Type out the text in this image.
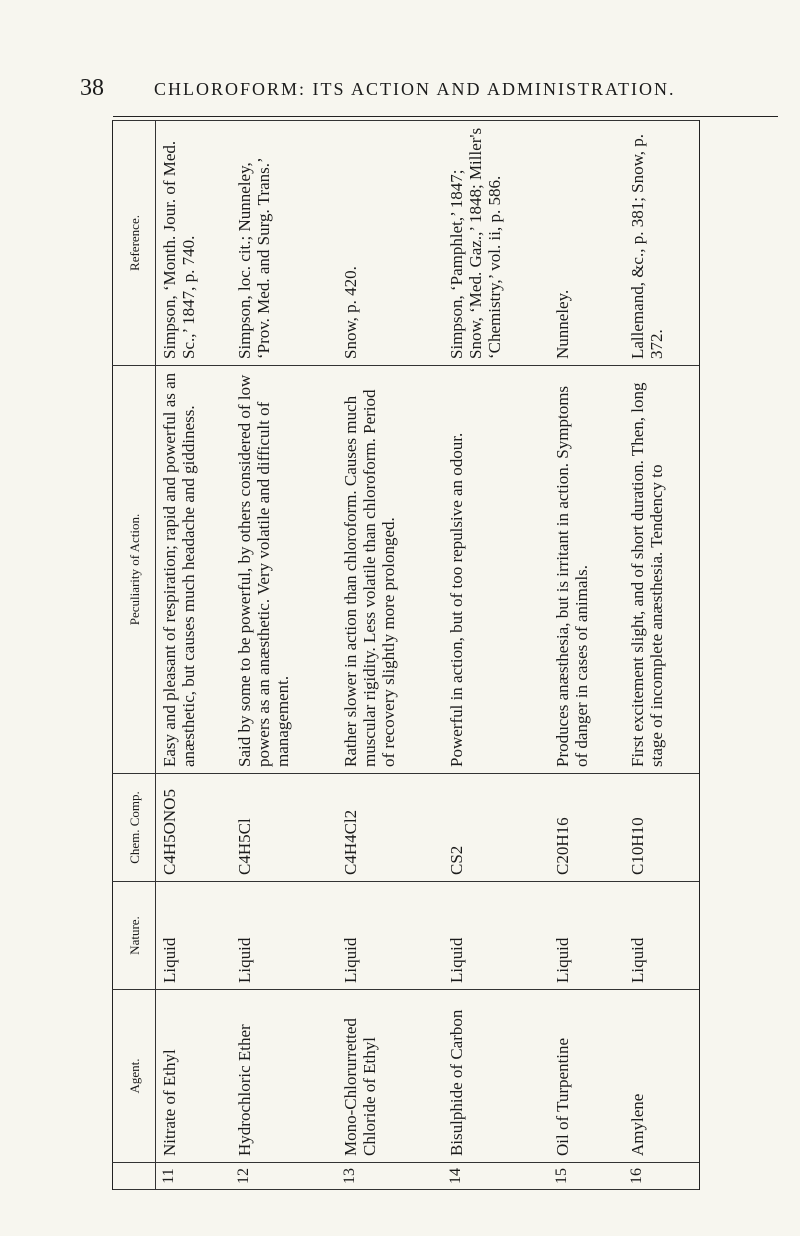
38	CHLOROFORM: ITS ACTION AND ADMINISTRATION.
	Agent.	Nature.	Chem. Comp.	Peculiarity of Action.	Reference.
11	Nitrate of Ethyl	Liquid	C4H5ONO5	Easy and pleasant of respiration; rapid and powerful as an anæsthetic, but causes much headache and giddiness.	Simpson, ‘Month. Jour. of Med. Sc.,’ 1847, p. 740.
12	Hydrochloric Ether	Liquid	C4H5Cl	Said by some to be powerful, by others considered of low powers as an anæsthetic. Very volatile and difficult of management.	Simpson, loc. cit.; Nunneley, ‘Prov. Med. and Surg. Trans.’
13	Mono-Chlorurretted Chloride of Ethyl	Liquid	C4H4Cl2	Rather slower in action than chloroform. Causes much muscular rigidity. Less volatile than chloroform. Period of recovery slightly more prolonged.	Snow, p. 420.
14	Bisulphide of Carbon	Liquid	CS2	Powerful in action, but of too repulsive an odour.	Simpson, ‘Pamphlet,’ 1847; Snow, ‘Med. Gaz.,’ 1848; Miller's ‘Chemistry,’ vol. ii, p. 586.
15	Oil of Turpentine	Liquid	C20H16	Produces anæsthesia, but is irritant in action. Symptoms of danger in cases of animals.	Nunneley.
16	Amylene	Liquid	C10H10	First excitement slight, and of short duration. Then, long stage of incomplete anæsthesia. Tendency to	Lallemand, &c., p. 381; Snow, p. 372.
